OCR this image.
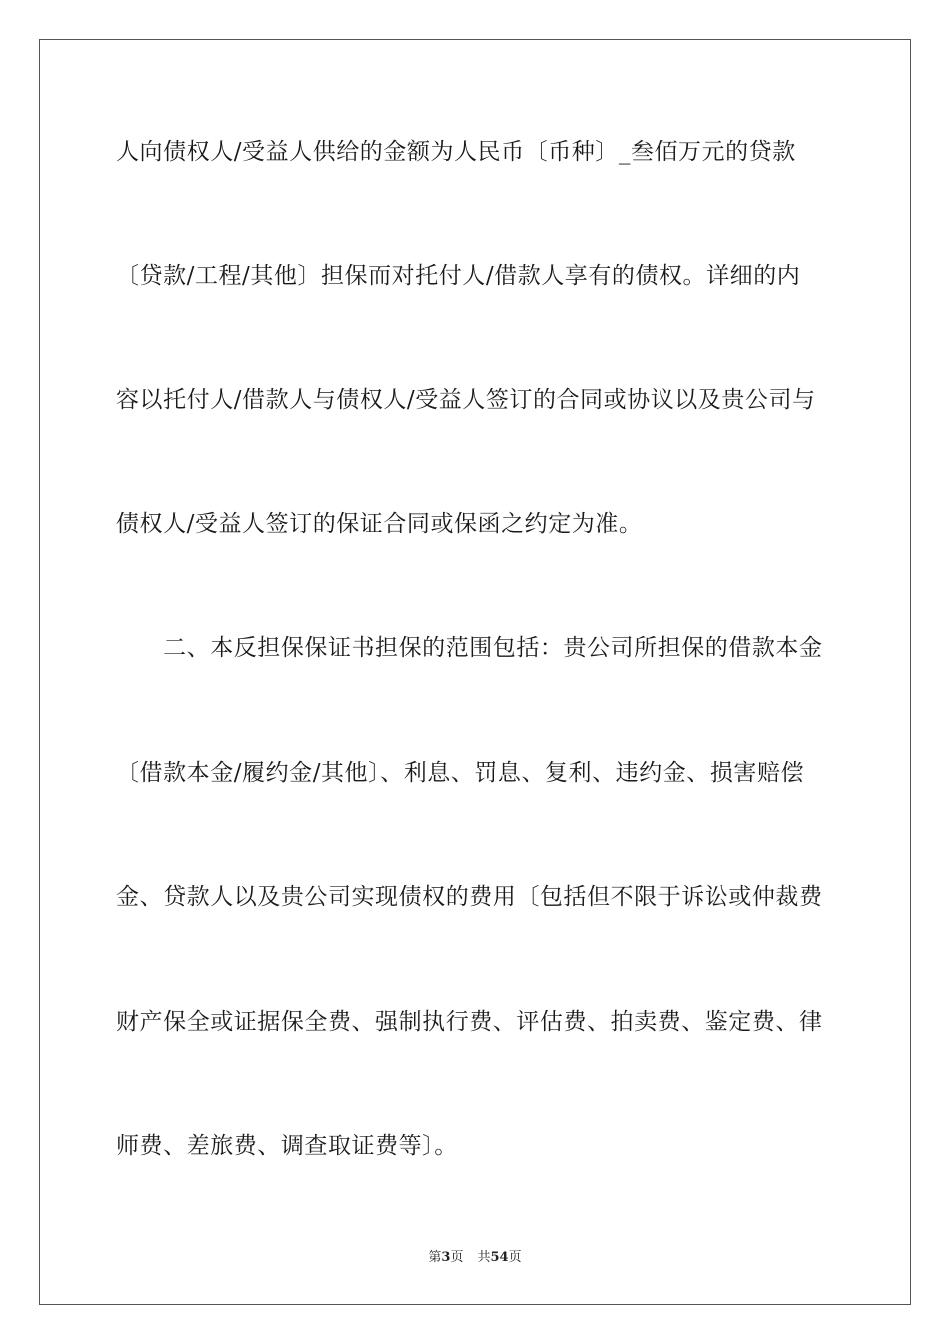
人向债权人/受益人供给的金额为人民币〔币种〕_叁佰万元的贷款
〔贷款/工程/其他〕担保而对托付人/借款人享有的债权。详细的内
容以托付人/借款人与债权人/受益人签订的合同或协议以及贵公司与
债权人/受益人签订的保证合同或保函之约定为准。
　　二、本反担保保证书担保的范围包括：贵公司所担保的借款本金
〔借款本金/履约金/其他〕、利息、罚息、复利、违约金、损害赔偿
金、贷款人以及贵公司实现债权的费用〔包括但不限于诉讼或仲裁费
财产保全或证据保全费、强制执行费、评估费、拍卖费、鉴定费、律
师费、差旅费、调查取证费等〕。
第3页 共54页
